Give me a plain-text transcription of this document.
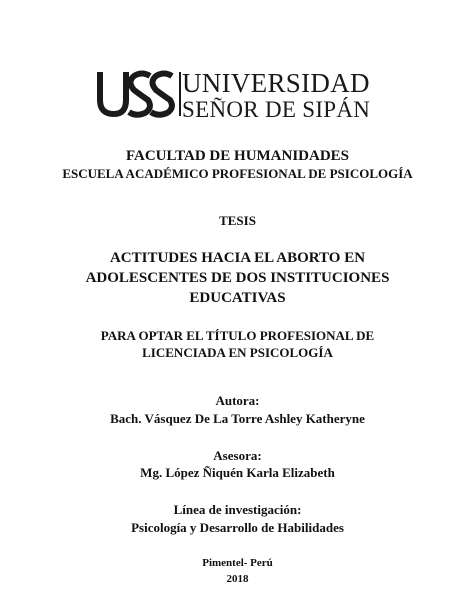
UNIVERSIDAD
SEÑOR DE SIPÁN
FACULTAD DE HUMANIDADES
ESCUELA ACADÉMICO PROFESIONAL DE PSICOLOGÍA
TESIS
ACTITUDES HACIA EL ABORTO EN
ADOLESCENTES DE DOS INSTITUCIONES
EDUCATIVAS
PARA OPTAR EL TÍTULO PROFESIONAL DE
LICENCIADA EN PSICOLOGÍA
Autora:
Bach. Vásquez De La Torre Ashley Katheryne
Asesora:
Mg. López Ñiquén Karla Elizabeth
Línea de investigación:
Psicología y Desarrollo de Habilidades
Pimentel- Perú
2018
